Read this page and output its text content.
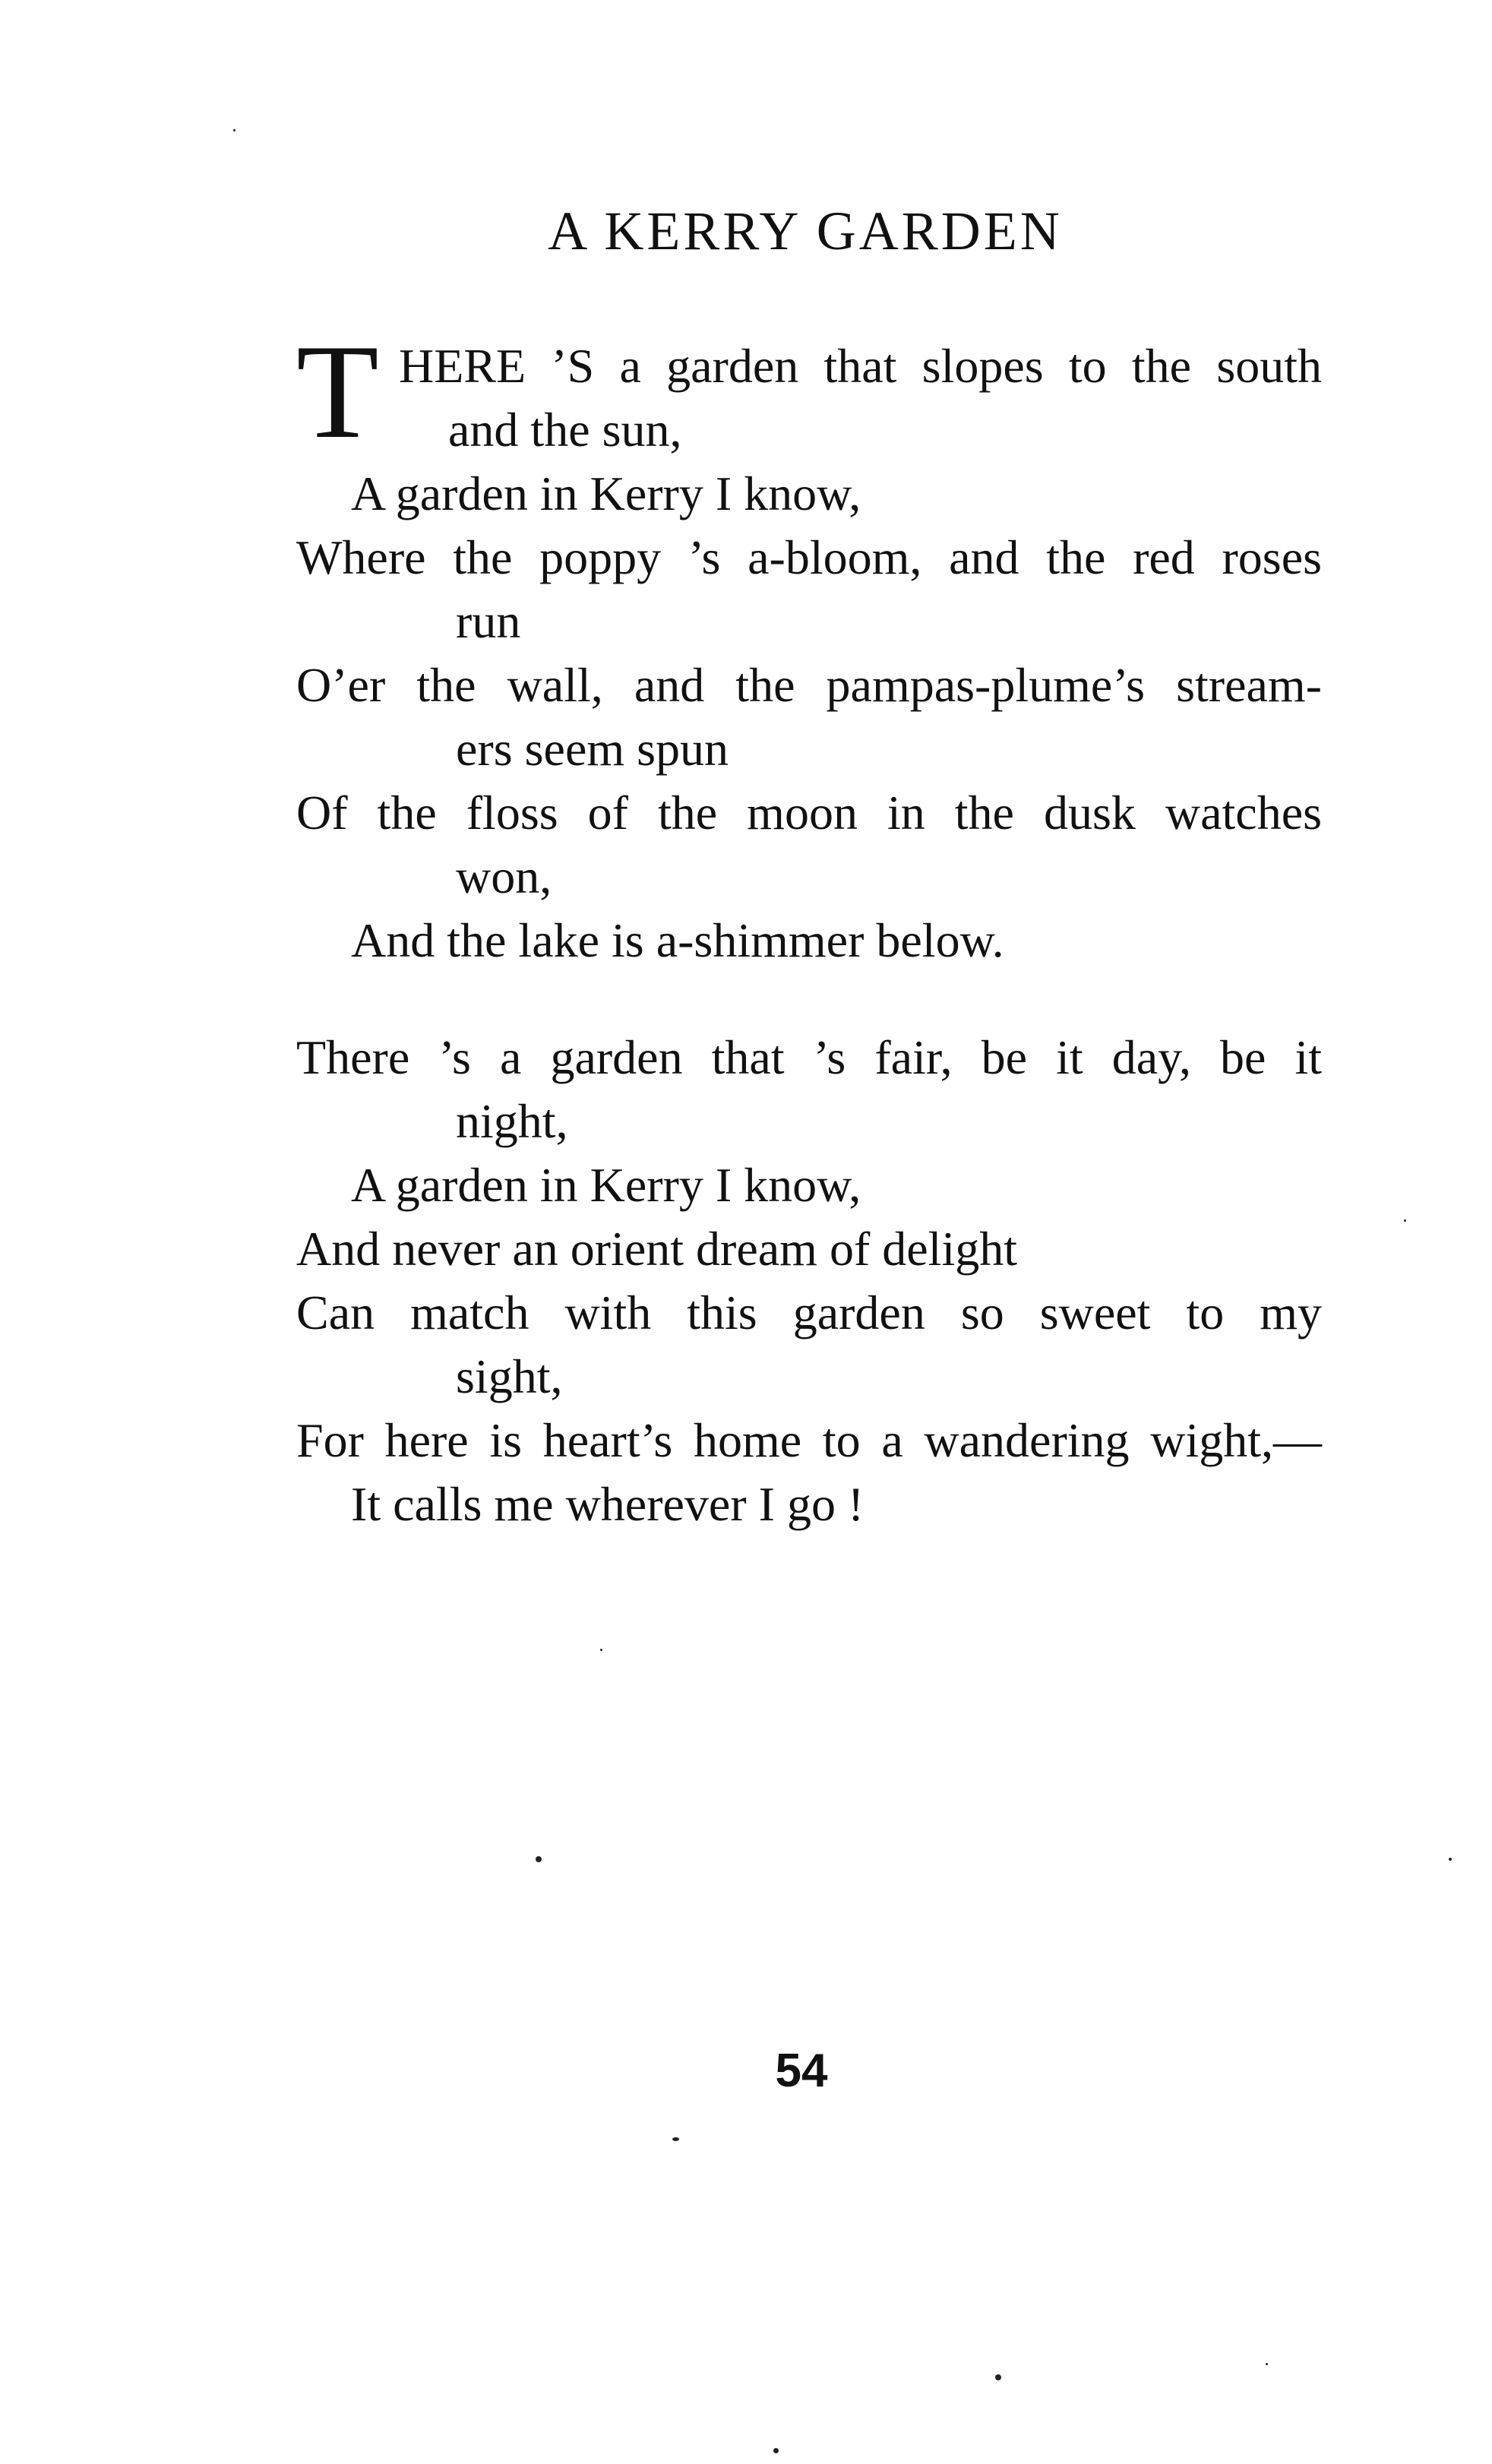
A KERRY GARDEN
T HERE ’S a garden that slopes to the south
and the sun,
A garden in Kerry I know,
Where the poppy ’s a-bloom, and the red roses
run
O’er the wall, and the pampas-plume’s stream-
ers seem spun
Of the floss of the moon in the dusk watches
won,
And the lake is a-shimmer below.
There ’s a garden that ’s fair, be it day, be it
night,
A garden in Kerry I know,
And never an orient dream of delight
Can match with this garden so sweet to my
sight,
For here is heart’s home to a wandering wight,—
It calls me wherever I go !
54
